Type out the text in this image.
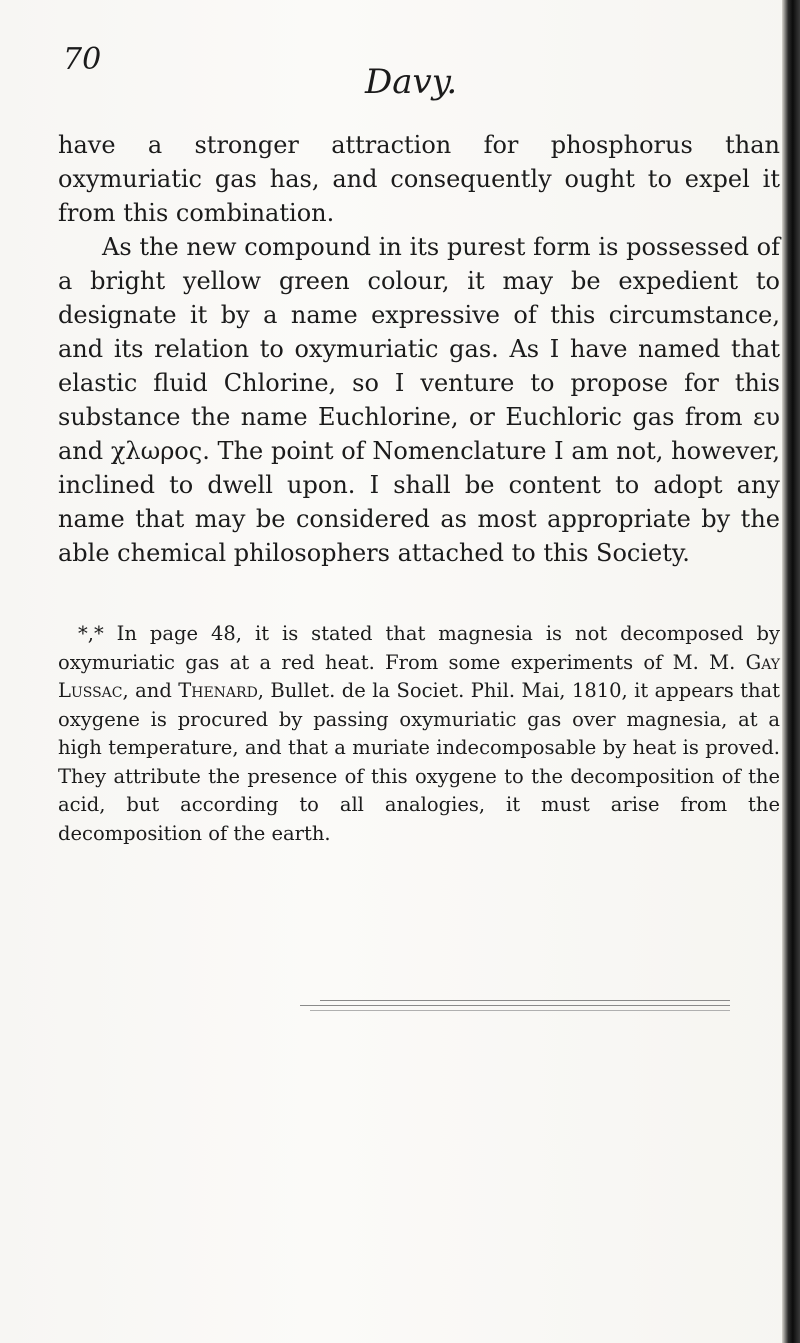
70
Davy.

have a stronger attraction for phosphorus than oxymuriatic gas has, and consequently ought to expel it from this combination.

As the new compound in its purest form is possessed of a bright yellow green colour, it may be expedient to designate it by a name expressive of this circumstance, and its relation to oxymuriatic gas. As I have named that elastic fluid Chlorine, so I venture to propose for this substance the name Euchlorine, or Euchloric gas from ευ and χλωρος. The point of Nomenclature I am not, however, inclined to dwell upon. I shall be content to adopt any name that may be considered as most appropriate by the able chemical philosophers attached to this Society.

*,* In page 48, it is stated that magnesia is not decomposed by oxymuriatic gas at a red heat. From some experiments of M. M. Gay Lussac, and Thenard, Bullet. de la Societ. Phil. Mai, 1810, it appears that oxygene is procured by passing oxymuriatic gas over magnesia, at a high temperature, and that a muriate indecomposable by heat is proved. They attribute the presence of this oxygene to the decomposition of the acid, but according to all analogies, it must arise from the decomposition of the earth.
